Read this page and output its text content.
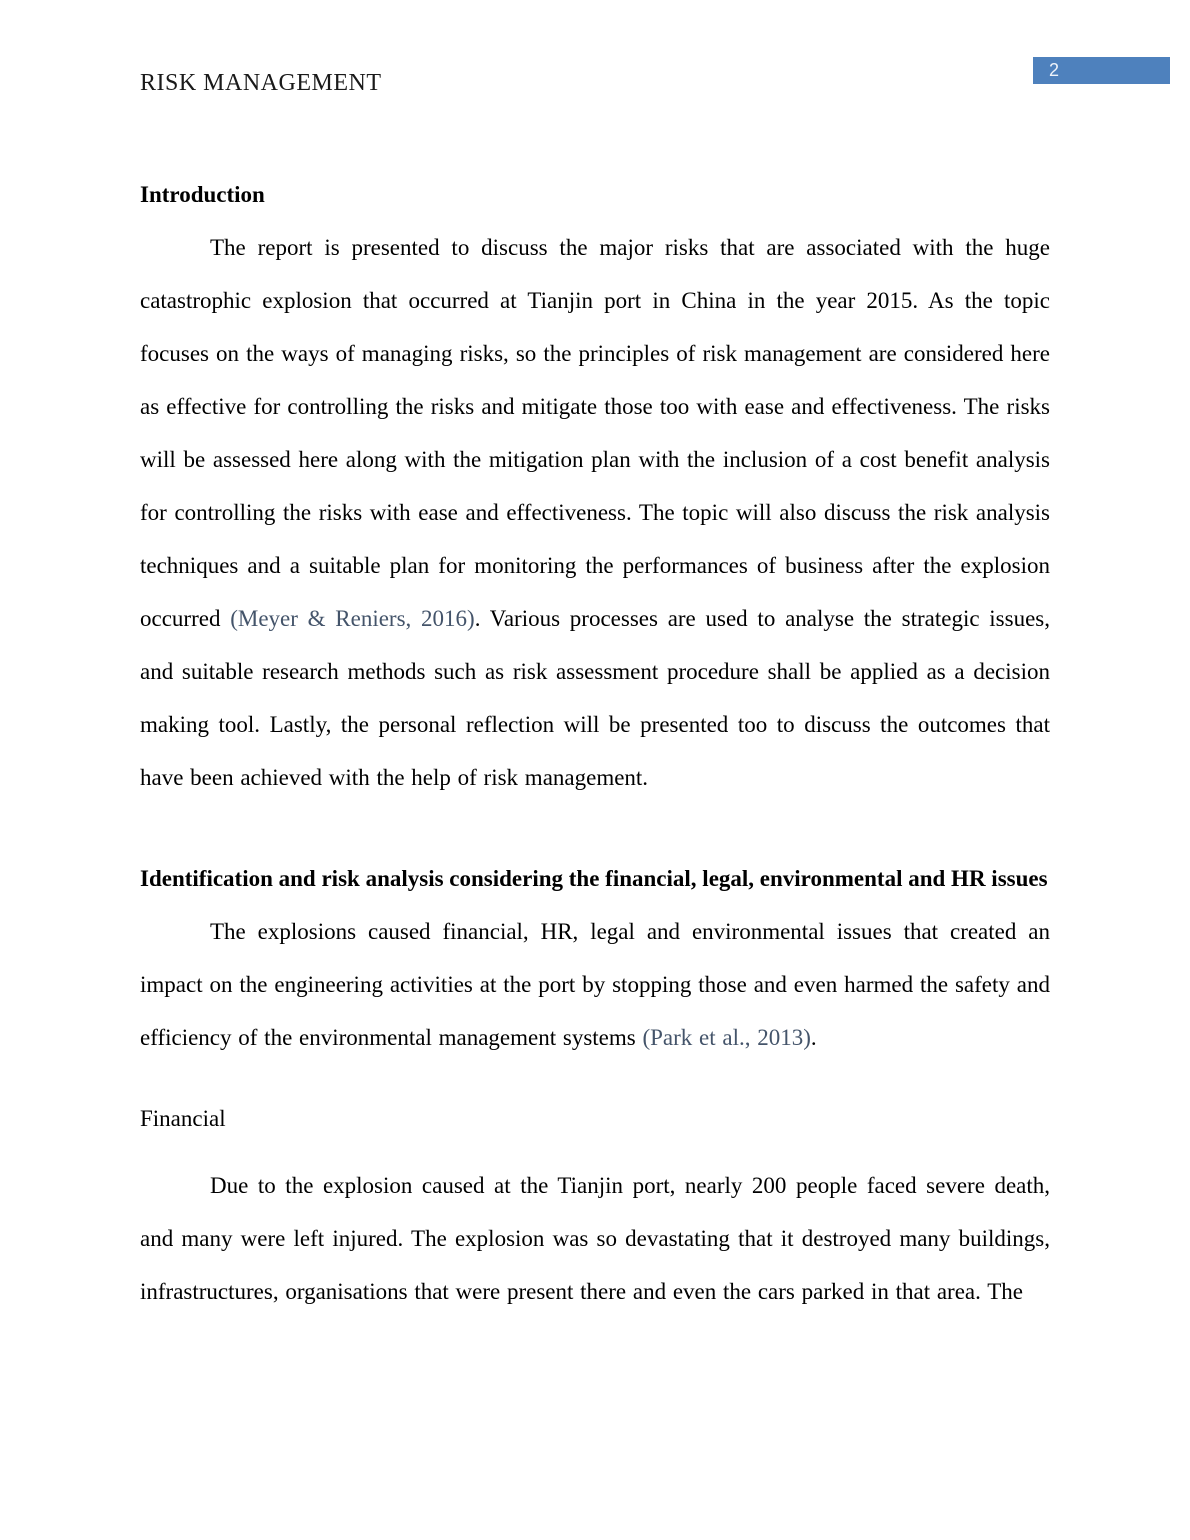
RISK MANAGEMENT	2
Introduction

The report is presented to discuss the major risks that are associated with the huge catastrophic explosion that occurred at Tianjin port in China in the year 2015. As the topic focuses on the ways of managing risks, so the principles of risk management are considered here as effective for controlling the risks and mitigate those too with ease and effectiveness. The risks will be assessed here along with the mitigation plan with the inclusion of a cost benefit analysis for controlling the risks with ease and effectiveness. The topic will also discuss the risk analysis techniques and a suitable plan for monitoring the performances of business after the explosion occurred (Meyer & Reniers, 2016). Various processes are used to analyse the strategic issues, and suitable research methods such as risk assessment procedure shall be applied as a decision making tool. Lastly, the personal reflection will be presented too to discuss the outcomes that have been achieved with the help of risk management.

Identification and risk analysis considering the financial, legal, environmental and HR issues

The explosions caused financial, HR, legal and environmental issues that created an impact on the engineering activities at the port by stopping those and even harmed the safety and efficiency of the environmental management systems (Park et al., 2013).

Financial

Due to the explosion caused at the Tianjin port, nearly 200 people faced severe death, and many were left injured. The explosion was so devastating that it destroyed many buildings, infrastructures, organisations that were present there and even the cars parked in that area. The
